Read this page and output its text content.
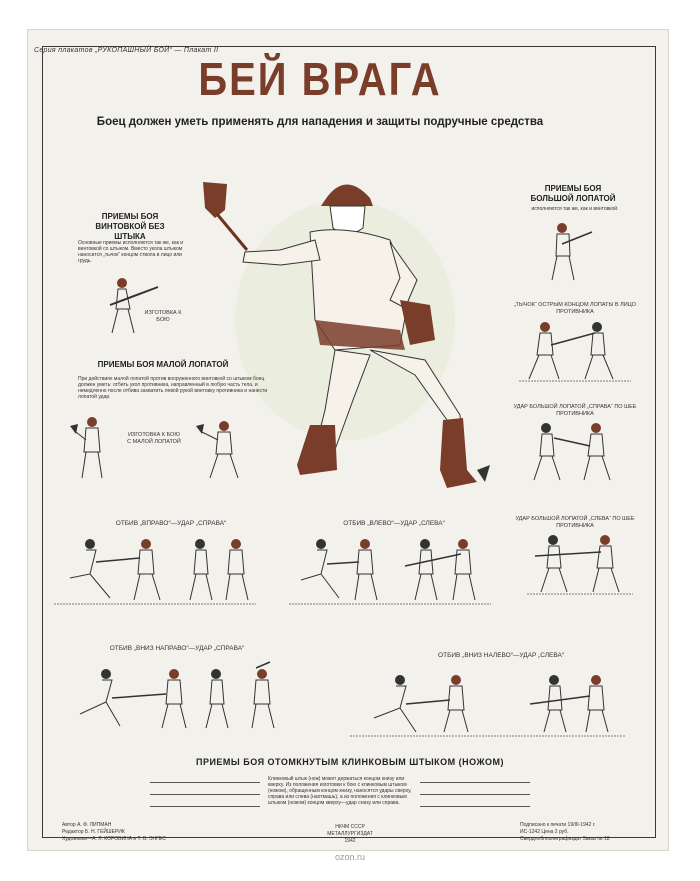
Серия плакатов „РУКОПАШНЫЙ БОЙ“ — Плакат II
БЕЙ ВРАГА
Боец должен уметь применять для нападения и защиты подручные средства
ПРИЕМЫ БОЯ ВИНТОВКОЙ БЕЗ ШТЫКА
Основные приемы исполняются так же, как и винтовкой со штыком. Вместо укола штыком наносится „тычок“ концом ствола в лицо или грудь.
ИЗГОТОВКА К БОЮ
ПРИЕМЫ БОЯ МАЛОЙ ЛОПАТОЙ
При действиях малой лопатой против вооруженного винтовкой со штыком боец должен уметь: отбить укол противника, направленный в любую часть тела, и немедленно после отбива захватить левой рукой винтовку противника и нанести лопатой удар.
ИЗГОТОВКА К БОЮ С МАЛОЙ ЛОПАТОЙ
ПРИЕМЫ БОЯ БОЛЬШОЙ ЛОПАТОЙ
исполняются так же, как и винтовкой.
„ТЫЧОК“ ОСТРЫМ КОНЦОМ ЛОПАТЫ В ЛИЦО ПРОТИВНИКА
УДАР БОЛЬШОЙ ЛОПАТОЙ „СПРАВА“ ПО ШЕЕ ПРОТИВНИКА
УДАР БОЛЬШОЙ ЛОПАТОЙ „СЛЕВА“ ПО ШЕЕ ПРОТИВНИКА
ОТБИВ „ВПРАВО“—УДАР „СПРАВА“	ОТБИВ „ВЛЕВО“—УДАР „СЛЕВА“
ОТБИВ „ВНИЗ НАПРАВО“—УДАР „СПРАВА“
ОТБИВ „ВНИЗ НАЛЕВО“—УДАР „СЛЕВА“
ПРИЕМЫ БОЯ ОТОМКНУТЫМ КЛИНКОВЫМ ШТЫКОМ (НОЖОМ)
Клинковый штык (нож) может держаться концом книзу или кверху. Из положения изготовки к бою с клинковым штыком (ножом), обращенным концом книзу, наносятся удары сверху, справа или слева (наотмашь), а из положения с клинковым штыком (ножом) концом кверху—удар снизу или справа.
Автор А. Ф. ЛИПМАН
Редактор Б. Н. ГЕЙШЕРИК
Художники—А. Л. КОРОВИНА и Т. В. ЭНГЕС
НКЧМ СССР
МЕТАЛЛУРГИЗДАТ
1942
Подписано к печати 19/III-1942 г.
ИС-1242 Цена 2 руб.
Свердлоблполиграфиздат Заказ № 18
ozon.ru
